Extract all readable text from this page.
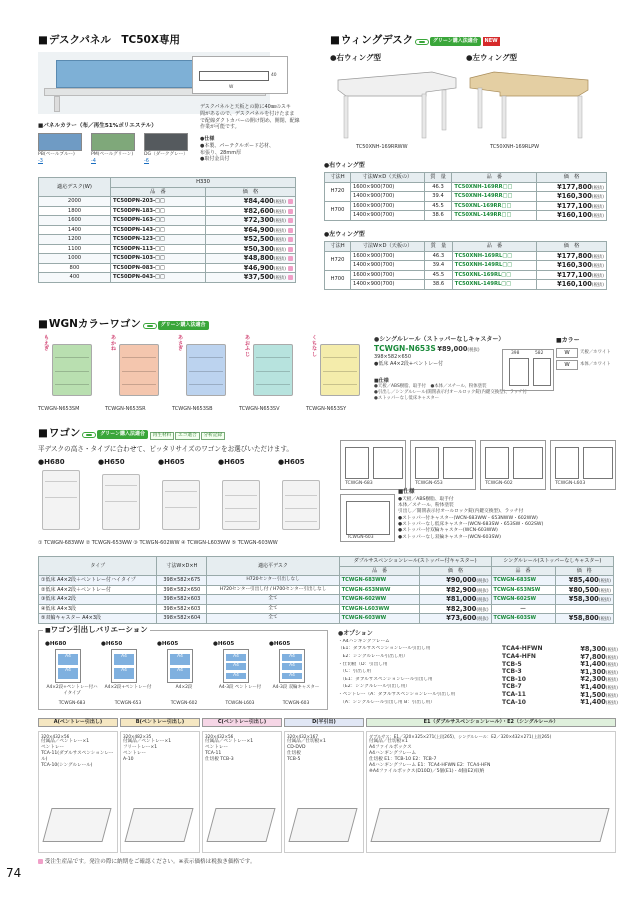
■ デスクパネル　TC50X専用
W
40
デスクパネルと天板との隙に40㎜のスキ
間があるので、デスクパネルを付けたまま
で配線ダクトカバーの開け閉め、開閉、配線
作業が可能です。
●仕様
●本製、パーテクルボード芯材、
布張り、28mm厚
●取付金具付
■パネルカラー（布／再生51%ポリエステル）
PB(ペールブルー)
-3
PM(ペールグリーン)
-4
DG（ダークグレー）
-6
適応デスク(W)	H330	
	品　番	価　格
2000	TC50DPN-203-□□	¥84,400(税抜)
1800	TC50DPN-183-□□	¥82,600(税抜)
1600	TC50DPN-163-□□	¥72,300(税抜)
1400	TC50DPN-143-□□	¥64,900(税抜)
1200	TC50DPN-123-□□	¥52,500(税抜)
1100	TC50DPN-113-□□	¥50,300(税抜)
1000	TC50DPN-103-□□	¥48,800(税抜)
800	TC50DPN-083-□□	¥46,900(税抜)
400	TC50DPN-043-□□	¥37,500(税抜)
■ ウィングデスク	グリーン購入法適合 NEW
●右ウィング型	●左ウィング型
TC50XNH-169RRWW	TC50XNH-169RLPW
●右ウィング型
寸法H	寸法W×D（天板の）	質　量	品　番	価　格
H720	1600×900(700)	46.3	TC50XNH-169RR□□	¥177,800(税抜)
	1400×900(700)	39.4	TC50XNH-149RR□□	¥160,300(税抜)
H700	1600×900(700)	45.5	TC50XNL-169RR□□	¥177,100(税抜)
	1400×900(700)	38.6	TC50XNL-149RR□□	¥160,100(税抜)
●左ウィング型
寸法H	寸法W×D（天板の）	質　量	品　番	価　格
H720	1600×900(700)	46.3	TC50XNH-169RL□□	¥177,800(税抜)
	1400×900(700)	39.4	TC50XNH-149RL□□	¥160,300(税抜)
H700	1600×900(700)	45.5	TC50XNL-169RL□□	¥177,100(税抜)
	1400×900(700)	38.6	TC50XNL-149RL□□	¥160,100(税抜)
■ WGNカラーワゴン	グリーン購入法適合
もえぎ
TCWGN-N653SM
あかね
TCWGN-N653SR
あさぎ
TCWGN-N653SB
あおふじ
TCWGN-N653SV
くちなし
TCWGN-N653SY
●シングルレール（ストッパーなしキャスター）
TCWGN-N653S ¥89,000(税抜)
398×582×650
●低床 A4×2段+ペントレー付
■仕様
●天板／ABS樹脂、取手付　●本体／スチール、粉体塗装
●引出し／シングルレール(開閉表示付オールロック錠(内鍵交換型)、ラッチ付
●ストッパーなし低床キャスター
398	582
■カラー
W	天板／ホワイト
W	本体／ホワイト
■ ワゴン	グリーン購入法適合 再生材料 エコ適合 分析記録
平デスクの高さ・タイプに合わせて、ピッタリサイズのワゴンをお選びいただけます。
●H680	●H650	●H605	●H605	●H605
① TCWGN-683WW ② TCWGN-653WW ③ TCWGN-602WW ④ TCWGN-L603WW ⑤ TCWGN-603WW
TCWGN-683	TCWGN-653	TCWGN-602	TCWGN-L603
TCWGN-603
■仕様
●天板／ABS樹脂、取手付
本体／スチール、粉体塗装
引出し／開閉表示付オールロック錠(内鍵交換型)、ラッチ付
●ストッパー付キャスター(WCN-683WW・653NWW・602WW)
●ストッパーなし低床キャスター(WCN-683SW・653SW・602SW)
●ストッパー付双輪キャスター(WCN-603WW)
●ストッパーなし双輪キャスター(WCN-603SW)
タイプ	寸法W×D×H	適応平デスク	ダブルサスペンションレール(ストッパー付キャスター)		シングルレール(ストッパーなしキャスター)	
			品　番	価　格	品　番	価　格
①低床 A4×2段＋ペントレー付ハイタイプ	398×582×675	H720センター引出しなし	TCWGN-683WW	¥90,000(税抜)	TCWGN-683SW	¥85,400(税抜)
②低床 A4×2段＋ペントレー付	398×582×650	H720センター引出し付 / H700センター引出しなし	TCWGN-653NWW	¥82,900(税抜)	TCWGN-653NSW	¥80,500(税抜)
③低床 A4×2段	398×582×603	全て	TCWGN-602WW	¥81,000(税抜)	TCWGN-602SW	¥58,300(税抜)
④低床 A4×3段	398×582×603	全て	TCWGN-L603WW	¥82,300(税抜)	―	
⑤双輪キャスター A4×3段	398×582×604	全て	TCWGN-603WW	¥73,600(税抜)	TCWGN-603SW	¥58,800(税抜)
■ワゴン引出しバリエーション
●H680
A4
A4
A4×2段+ペントレー付ハイタイプ
TCWGN-683
●H650
A4
A4
A4×2段+ペントレー付
TCWGN-653
●H605
A4
A4
A4×2段
TCWGN-602
●H605
A4
A4
A4
A4-3段 ペントレー付
TCWGN-L603
●H605
A4
A4
A4
A4-3段 双輪キャスター
TCWGN-603
●オプション
・A4ハンギングフレーム
（E1：ダブルサスペンションレール引出し用	TCA4-HFWN	¥8,300(税抜)
　E2：シングルレール引出し用）	TCA4-HFN	¥7,800(税抜)
・仕切板（D：引出し用	TCB-5	¥1,400(税抜)
　（C：引出し用	TCB-3	¥1,300(税抜)
　（E1：ダブルサスペンションレール引出し用	TCB-10	¥2,300(税抜)
　（E2：シングルレール引出し用）	TCB-7	¥1,400(税抜)
・ペントレー（A：ダブルサスペンションレール引出し用	TCA-11	¥1,500(税抜)
　（A：シングルレール引出し用 B：引出し用）	TCA-10	¥1,400(税抜)
A(ペントレー引出し)	B(ペントレー引出し)	C(ペントレー引出し)	D(平引出)	E1（ダブルサスペンションレール）・E2（シングルレール）
320×432×56
付属品／ペントレー×1
ペントレー
TCA-11(ダブルサスペンションレール)
TCA-10(シングルレール)
320×482×35
付属品／ペントレー×1
フリートレー×1
ペントレー
A-10
320×432×56
付属品／ペントレー×1
ペントレー
TCA-11
仕切板 TCB-3
320×432×167
付属品／仕切板×1
CD-DVD
仕切板
TCB-5
ダブルサス：E1／320×325×271(上段265)、シングルレール：E2／320×432×271(上段265)
付属品／仕切板×1
A4ファイルボックス
A4ハンギングフレーム
仕切板 E1：TCB-10 E2：TCB-7
A4ハンギングフレーム E1：TCA4-HFWN E2：TCA4-HFN
※A4ファイルボックス(D10D)／5個(E1)・4個(E2)収納
74
受注生産品です。発注の際に納期をご確認ください。※表示価格は税抜き価格です。
